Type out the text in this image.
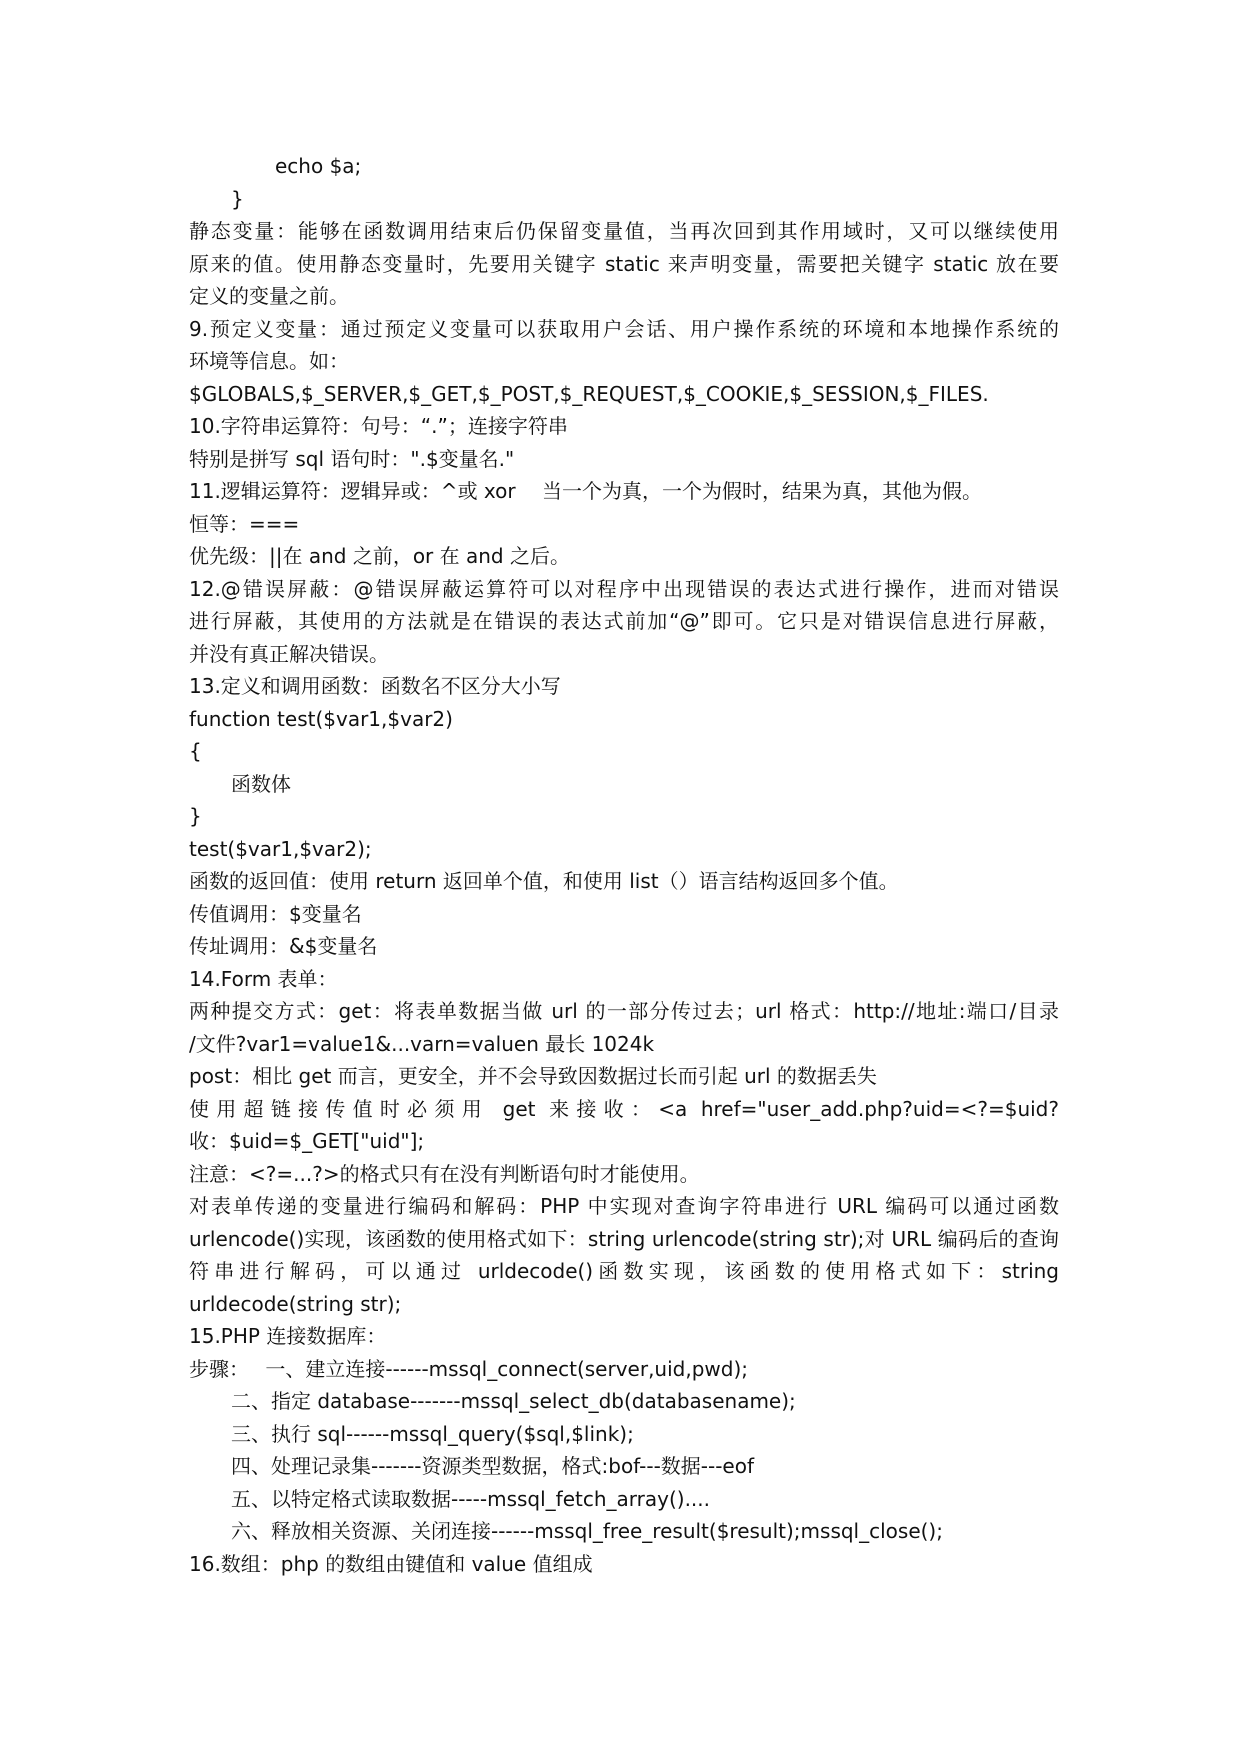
echo $a;
}
静态变量：能够在函数调用结束后仍保留变量值，当再次回到其作用域时，又可以继续使用
原来的值。使用静态变量时，先要用关键字 static 来声明变量，需要把关键字 static 放在要
定义的变量之前。
9.预定义变量：通过预定义变量可以获取用户会话、用户操作系统的环境和本地操作系统的
环境等信息。如：
$GLOBALS,$_SERVER,$_GET,$_POST,$_REQUEST,$_COOKIE,$_SESSION,$_FILES.
10.字符串运算符：句号：“.”；连接字符串
特别是拼写 sql 语句时：".$变量名."
11.逻辑运算符：逻辑异或：^或 xor　 当一个为真，一个为假时，结果为真，其他为假。
恒等：===
优先级：||在 and 之前，or 在 and 之后。
12.@错误屏蔽：@错误屏蔽运算符可以对程序中出现错误的表达式进行操作，进而对错误
进行屏蔽，其使用的方法就是在错误的表达式前加“@”即可。它只是对错误信息进行屏蔽，
并没有真正解决错误。
13.定义和调用函数：函数名不区分大小写
function test($var1,$var2)
{
函数体
}
test($var1,$var2);
函数的返回值：使用 return 返回单个值，和使用 list（）语言结构返回多个值。
传值调用：$变量名
传址调用：&$变量名
14.Form 表单：
两种提交方式：get：将表单数据当做 url 的一部分传过去；url 格式：http://地址:端口/目录
/文件?var1=value1&...varn=valuen 最长 1024k
post：相比 get 而言，更安全，并不会导致因数据过长而引起 url 的数据丢失
使用超链接传值时必须用 get 来接收：<a href="user_add.php?uid=<?=$uid?　　
收：$uid=$_GET["uid"];
注意：<?=...?>的格式只有在没有判断语句时才能使用。
对表单传递的变量进行编码和解码：PHP 中实现对查询字符串进行 URL 编码可以通过函数
urlencode()实现，该函数的使用格式如下：string urlencode(string str);对 URL 编码后的查询
符串进行解码，可以通过 urldecode()函数实现，该函数的使用格式如下：string
urldecode(string str);
15.PHP 连接数据库：
步骤：　 一、建立连接------mssql_connect(server,uid,pwd);
二、指定 database-------mssql_select_db(databasename);
三、执行 sql------mssql_query($sql,$link);
四、处理记录集-------资源类型数据，格式:bof---数据---eof
五、以特定格式读取数据-----mssql_fetch_array()....
六、释放相关资源、关闭连接------mssql_free_result($result);mssql_close();
16.数组：php 的数组由键值和 value 值组成
